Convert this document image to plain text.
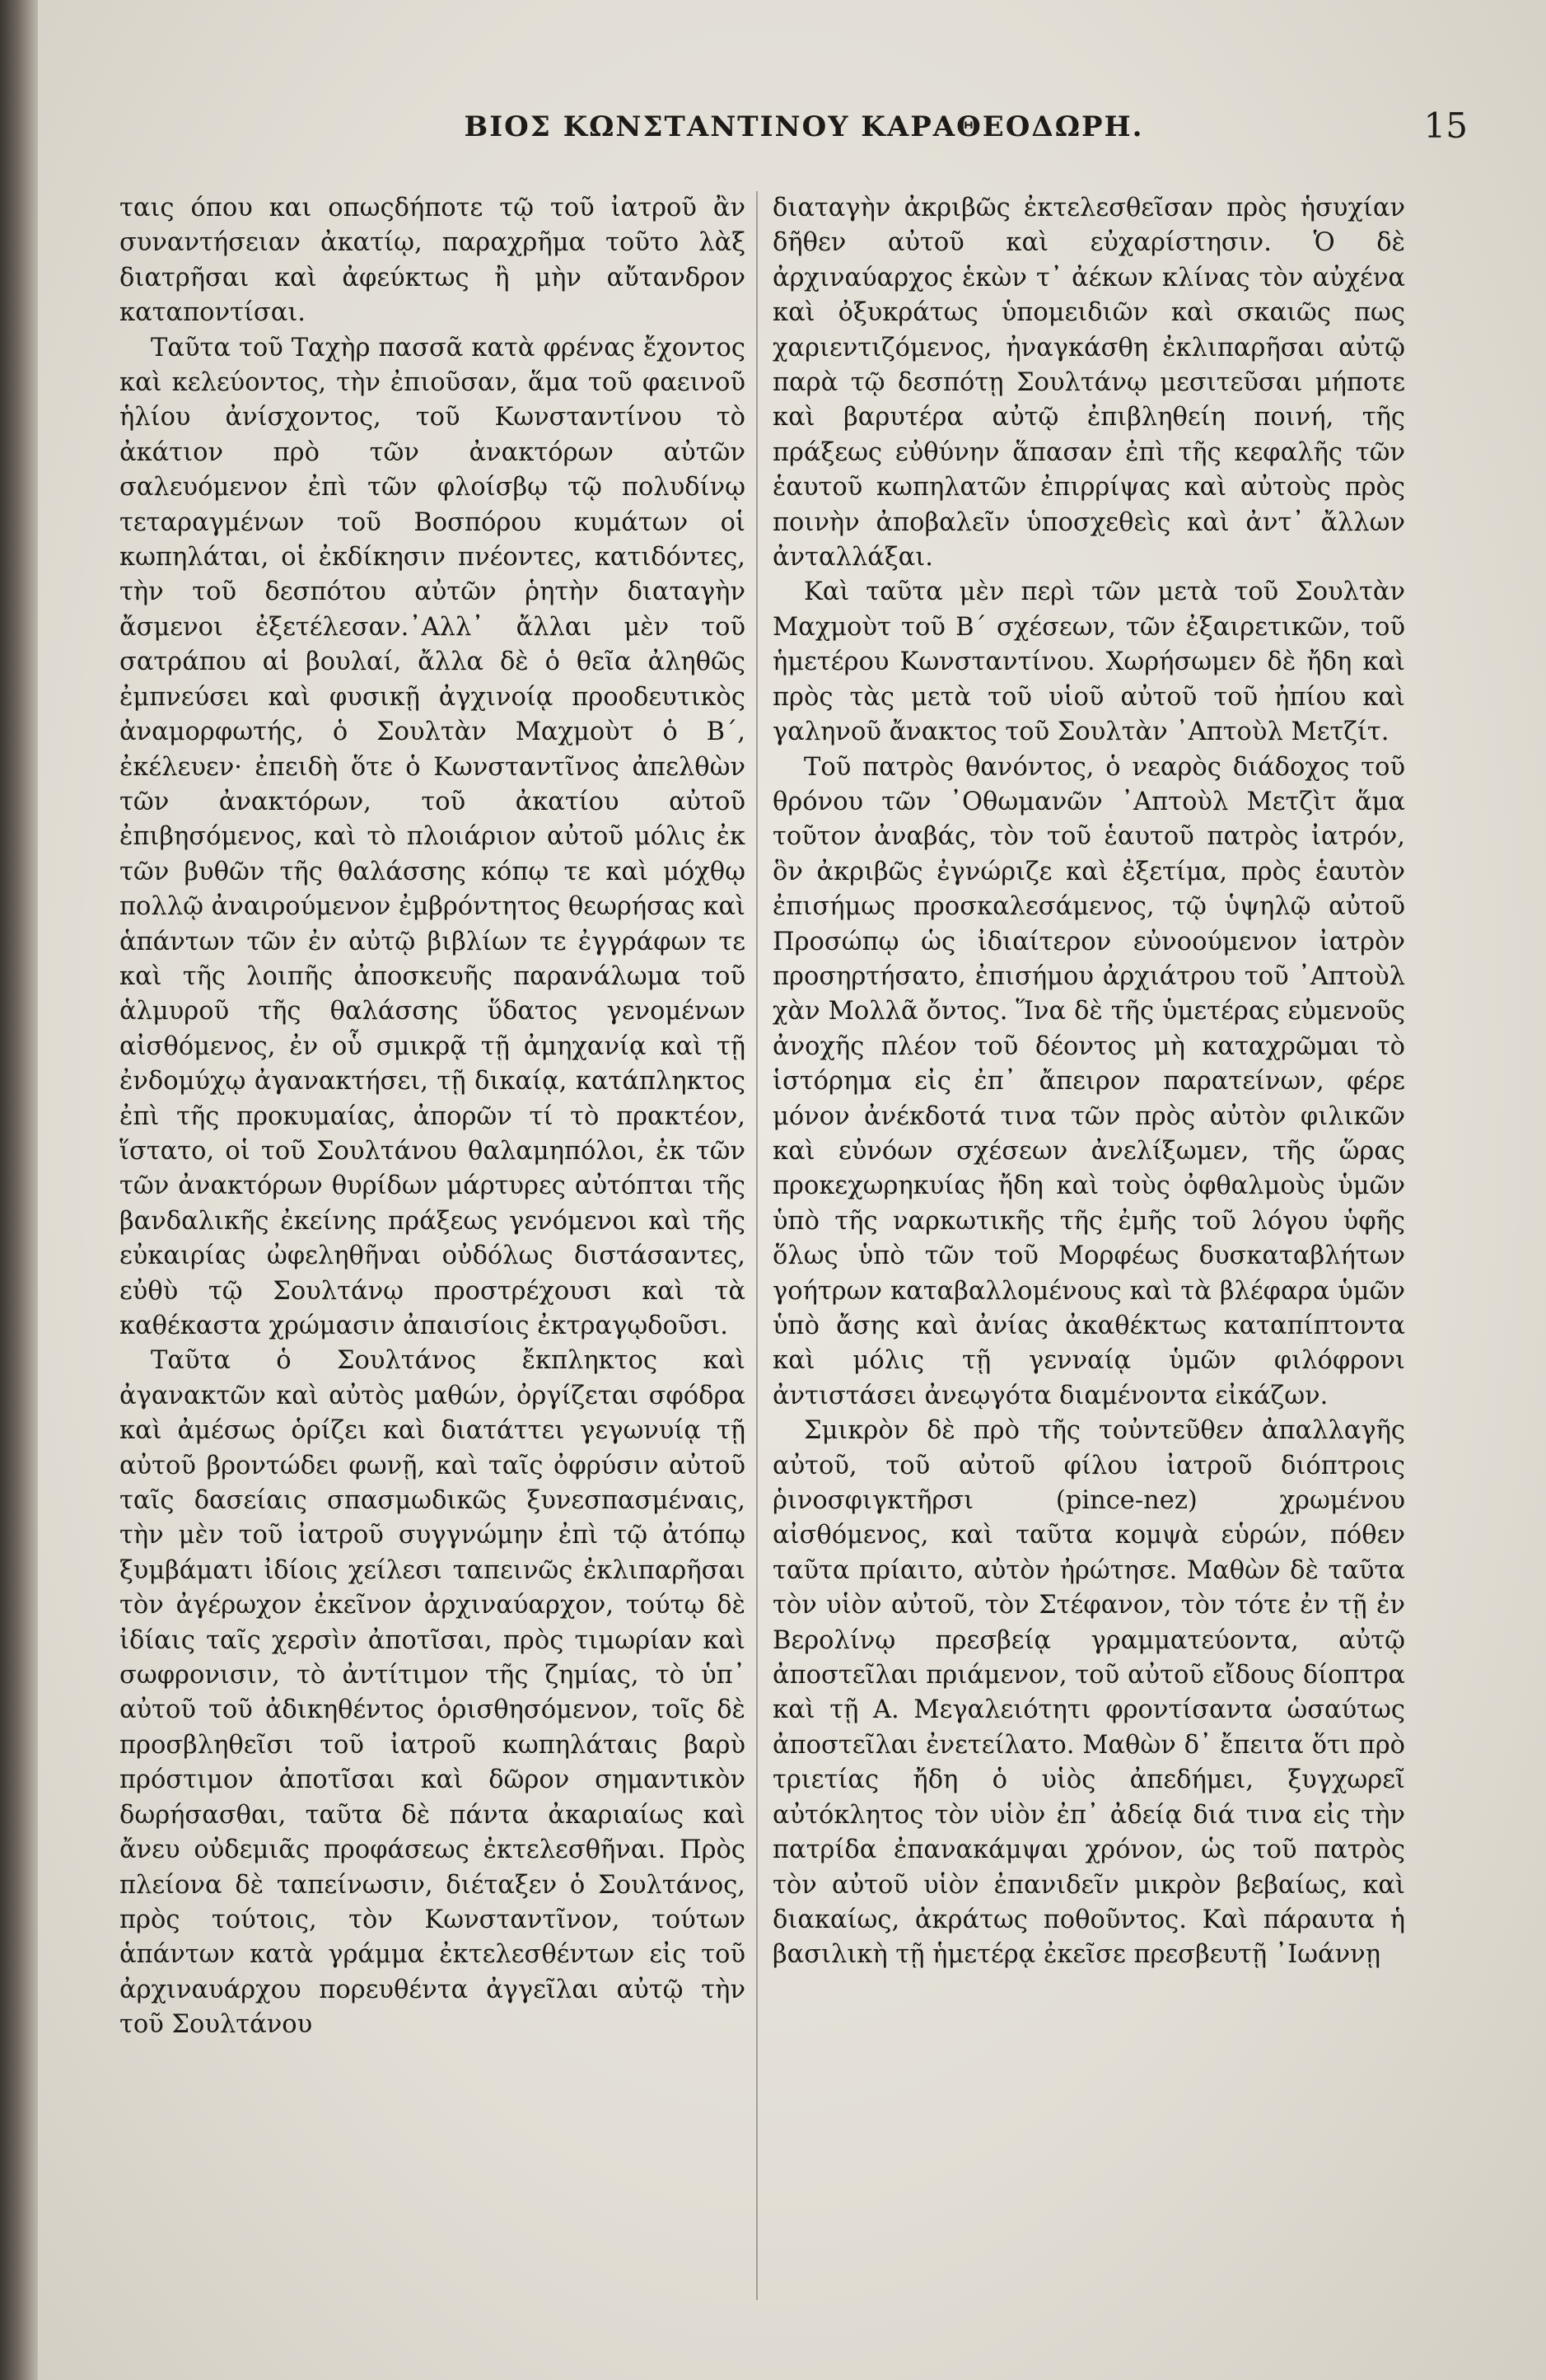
ΒΙΟΣ ΚΩΝΣΤΑΝΤΙΝΟΥ ΚΑΡΑΘΕΟΔΩΡΗ.	15

ταις όπου και οπωςδήποτε τῷ τοῦ ἰατροῦ ἂν συναντήσειαν ἀκατίῳ, παραχρῆμα τοῦτο λὰξ διατρῆσαι καὶ ἀφεύκτως ἢ μὴν αὔτανδρον καταποντίσαι.

Ταῦτα τοῦ Ταχὴρ πασσᾶ κατὰ φρένας ἔχοντος καὶ κελεύοντος, τὴν ἐπιοῦσαν, ἅμα τοῦ φαεινοῦ ἡλίου ἀνίσχοντος, τοῦ Κωνσταντίνου τὸ ἀκάτιον πρὸ τῶν ἀνακτόρων αὐτῶν σαλευόμενον ἐπὶ τῶν φλοίσβῳ τῷ πολυδίνῳ τεταραγμένων τοῦ Βοσπόρου κυμάτων οἱ κωπηλάται, οἱ ἐκδίκησιν πνέοντες, κατιδόντες, τὴν τοῦ δεσπότου αὐτῶν ῥητὴν διαταγὴν ἄσμενοι ἐξετέλεσαν.᾿Αλλ᾿ ἄλλαι μὲν τοῦ σατράπου αἱ βουλαί, ἄλλα δὲ ὁ θεῖα ἀληθῶς ἐμπνεύσει καὶ φυσικῇ ἀγχινοίᾳ προοδευτικὸς ἀναμορφωτής, ὁ Σουλτὰν Μαχμοὺτ ὁ Β΄, ἐκέλευεν· ἐπειδὴ ὅτε ὁ Κωνσταντῖνος ἀπελθὼν τῶν ἀνακτόρων, τοῦ ἀκατίου αὐτοῦ ἐπιβησόμενος, καὶ τὸ πλοιάριον αὐτοῦ μόλις ἐκ τῶν βυθῶν τῆς θαλάσσης κόπῳ τε καὶ μόχθῳ πολλῷ ἀναιρούμενον ἐμβρόντητος θεωρήσας καὶ ἁπάντων τῶν ἐν αὐτῷ βιβλίων τε ἐγγράφων τε καὶ τῆς λοιπῆς ἀποσκευῆς παρανάλωμα τοῦ ἁλμυροῦ τῆς θαλάσσης ὕδατος γενομένων αἰσθόμενος, ἐν οὗ σμικρᾷ τῇ ἀμηχανίᾳ καὶ τῇ ἐνδομύχῳ ἀγανακτήσει, τῇ δικαίᾳ, κατάπληκτος ἐπὶ τῆς προκυμαίας, ἀπορῶν τί τὸ πρακτέον, ἵστατο, οἱ τοῦ Σουλτάνου θαλαμηπόλοι, ἐκ τῶν τῶν ἀνακτόρων θυρίδων μάρτυρες αὐτόπται τῆς βανδαλικῆς ἐκείνης πράξεως γενόμενοι καὶ τῆς εὐκαιρίας ὠφεληθῆναι οὐδόλως διστάσαντες, εὐθὺ τῷ Σουλτάνῳ προστρέχουσι καὶ τὰ καθέκαστα χρώμασιν ἀπαισίοις ἐκτραγῳδοῦσι.

Ταῦτα ὁ Σουλτάνος ἔκπληκτος καὶ ἀγανακτῶν καὶ αὐτὸς μαθών, ὀργίζεται σφόδρα καὶ ἀμέσως ὁρίζει καὶ διατάττει γεγωνυίᾳ τῇ αὐτοῦ βροντώδει φωνῇ, καὶ ταῖς ὀφρύσιν αὐτοῦ ταῖς δασείαις σπασμωδικῶς ξυνεσπασμέναις, τὴν μὲν τοῦ ἰατροῦ συγγνώμην ἐπὶ τῷ ἀτόπῳ ξυμβάματι ἰδίοις χείλεσι ταπεινῶς ἐκλιπαρῆσαι τὸν ἀγέρωχον ἐκεῖνον ἀρχιναύαρχον, τούτῳ δὲ ἰδίαις ταῖς χερσὶν ἀποτῖσαι, πρὸς τιμωρίαν καὶ σωφρονισιν, τὸ ἀντίτιμον τῆς ζημίας, τὸ ὑπ᾿ αὐτοῦ τοῦ ἀδικηθέντος ὁρισθησόμενον, τοῖς δὲ προσβληθεῖσι τοῦ ἰατροῦ κωπηλάταις βαρὺ πρόστιμον ἀποτῖσαι καὶ δῶρον σημαντικὸν δωρήσασθαι, ταῦτα δὲ πάντα ἀκαριαίως καὶ ἄνευ οὐδεμιᾶς προφάσεως ἐκτελεσθῆναι. Πρὸς πλείονα δὲ ταπείνωσιν, διέταξεν ὁ Σουλτάνος, πρὸς τούτοις, τὸν Κωνσταντῖνον, τούτων ἁπάντων κατὰ γράμμα ἐκτελεσθέντων εἰς τοῦ ἀρχιναυάρχου πορευθέντα ἀγγεῖλαι αὐτῷ τὴν τοῦ Σουλτάνου

διαταγὴν ἀκριβῶς ἐκτελεσθεῖσαν πρὸς ἡσυχίαν δῆθεν αὐτοῦ καὶ εὐχαρίστησιν. Ὁ δὲ ἀρχιναύαρχος ἑκὼν τ᾿ ἀέκων κλίνας τὸν αὐχένα καὶ ὀξυκράτως ὑπομειδιῶν καὶ σκαιῶς πως χαριεντιζόμενος, ἠναγκάσθη ἐκλιπαρῆσαι αὐτῷ παρὰ τῷ δεσπότῃ Σουλτάνῳ μεσιτεῦσαι μήποτε καὶ βαρυτέρα αὐτῷ ἐπιβληθείη ποινή, τῆς πράξεως εὐθύνην ἅπασαν ἐπὶ τῆς κεφαλῆς τῶν ἑαυτοῦ κωπηλατῶν ἐπιρρίψας καὶ αὐτοὺς πρὸς ποινὴν ἀποβαλεῖν ὑποσχεθεὶς καὶ ἀντ᾿ ἄλλων ἀνταλλάξαι.

Καὶ ταῦτα μὲν περὶ τῶν μετὰ τοῦ Σουλτὰν Μαχμοὺτ τοῦ Β΄ σχέσεων, τῶν ἐξαιρετικῶν, τοῦ ἡμετέρου Κωνσταντίνου. Χωρήσωμεν δὲ ἤδη καὶ πρὸς τὰς μετὰ τοῦ υἱοῦ αὐτοῦ τοῦ ἠπίου καὶ γαληνοῦ ἄνακτος τοῦ Σουλτὰν ᾿Απτοὺλ Μετζίτ.

Τοῦ πατρὸς θανόντος, ὁ νεαρὸς διάδοχος τοῦ θρόνου τῶν ᾿Οθωμανῶν ᾿Απτοὺλ Μετζὶτ ἅμα τοῦτον ἀναβάς, τὸν τοῦ ἑαυτοῦ πατρὸς ἰατρόν, ὃν ἀκριβῶς ἐγνώριζε καὶ ἐξετίμα, πρὸς ἑαυτὸν ἐπισήμως προσκαλεσάμενος, τῷ ὑψηλῷ αὐτοῦ Προσώπῳ ὡς ἰδιαίτερον εὐνοούμενον ἰατρὸν προσηρτήσατο, ἐπισήμου ἀρχιάτρου τοῦ ᾿Απτοὺλ χὰν Μολλᾶ ὄντος. Ἵνα δὲ τῆς ὑμετέρας εὐμενοῦς ἀνοχῆς πλέον τοῦ δέοντος μὴ καταχρῶμαι τὸ ἱστόρημα εἰς ἐπ᾿ ἄπειρον παρατείνων, φέρε μόνον ἀνέκδοτά τινα τῶν πρὸς αὐτὸν φιλικῶν καὶ εὐνόων σχέσεων ἀνελίξωμεν, τῆς ὥρας προκεχωρηκυίας ἤδη καὶ τοὺς ὀφθαλμοὺς ὑμῶν ὑπὸ τῆς ναρκωτικῆς τῆς ἐμῆς τοῦ λόγου ὑφῆς ὅλως ὑπὸ τῶν τοῦ Μορφέως δυσκαταβλήτων γοήτρων καταβαλλομένους καὶ τὰ βλέφαρα ὑμῶν ὑπὸ ἄσης καὶ ἀνίας ἀκαθέκτως καταπίπτοντα καὶ μόλις τῇ γενναίᾳ ὑμῶν φιλόφρονι ἀντιστάσει ἀνεῳγότα διαμένοντα εἰκάζων.

Σμικρὸν δὲ πρὸ τῆς τοὐντεῦθεν ἀπαλλαγῆς αὐτοῦ, τοῦ αὐτοῦ φίλου ἰατροῦ διόπτροις ῥινοσφιγκτῆρσι (pince-nez) χρωμένου αἰσθόμενος, καὶ ταῦτα κομψὰ εὑρών, πόθεν ταῦτα πρίαιτο, αὐτὸν ἠρώτησε. Μαθὼν δὲ ταῦτα τὸν υἱὸν αὐτοῦ, τὸν Στέφανον, τὸν τότε ἐν τῇ ἐν Βερολίνῳ πρεσβείᾳ γραμματεύοντα, αὐτῷ ἀποστεῖλαι πριάμενον, τοῦ αὐτοῦ εἴδους δίοπτρα καὶ τῇ Α. Μεγαλειότητι φροντίσαντα ὡσαύτως ἀποστεῖλαι ἐνετείλατο. Μαθὼν δ᾿ ἔπειτα ὅτι πρὸ τριετίας ἤδη ὁ υἱὸς ἀπεδήμει, ξυγχωρεῖ αὐτόκλητος τὸν υἱὸν ἐπ᾿ ἀδείᾳ διά τινα εἰς τὴν πατρίδα ἐπανακάμψαι χρόνον, ὡς τοῦ πατρὸς τὸν αὐτοῦ υἱὸν ἐπανιδεῖν μικρὸν βεβαίως, καὶ διακαίως, ἀκράτως ποθοῦντος. Καὶ πάραυτα ἡ βασιλικὴ τῇ ἡμετέρᾳ ἐκεῖσε πρεσβευτῇ ᾿Ιωάννῃ
